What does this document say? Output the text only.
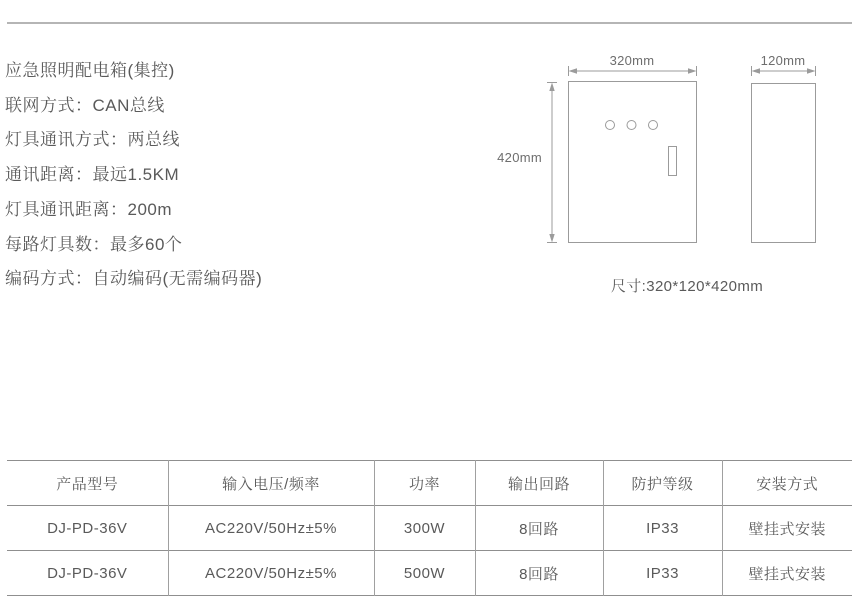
应急照明配电箱(集控)
联网方式：CAN总线
灯具通讯方式：两总线
通讯距离：最远1.5KM
灯具通讯距离：200m
每路灯具数：最多60个
编码方式：自动编码(无需编码器)
320mm	120mm
420mm
尺寸:320*120*420mm
产品型号	输入电压/频率	功率	输出回路	防护等级	安装方式
DJ-PD-36V	AC220V/50Hz±5%	300W	8回路	IP33	壁挂式安装
DJ-PD-36V	AC220V/50Hz±5%	500W	8回路	IP33	壁挂式安装
